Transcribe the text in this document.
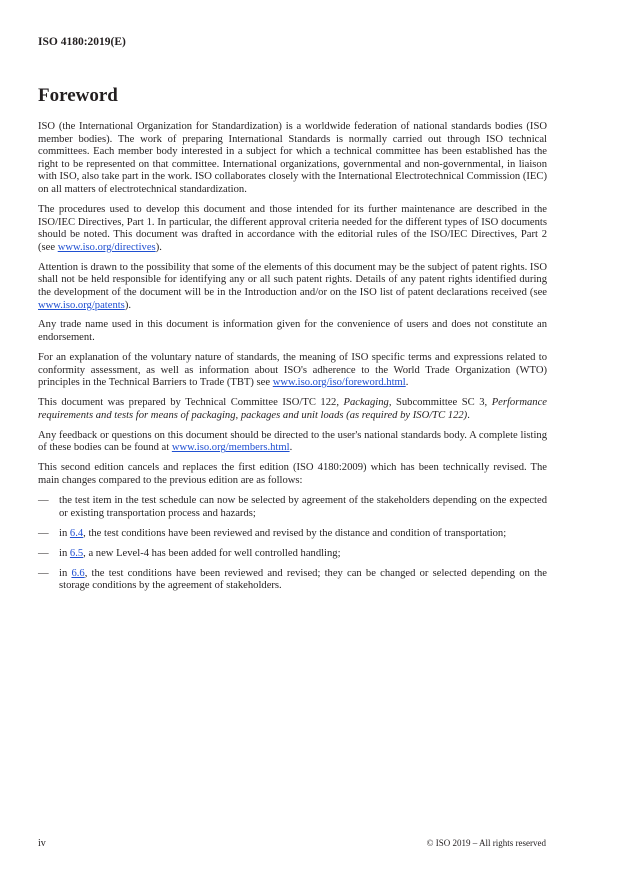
ISO 4180:2019(E)
Foreword

ISO (the International Organization for Standardization) is a worldwide federation of national standards bodies (ISO member bodies). The work of preparing International Standards is normally carried out through ISO technical committees. Each member body interested in a subject for which a technical committee has been established has the right to be represented on that committee. International organizations, governmental and non-governmental, in liaison with ISO, also take part in the work. ISO collaborates closely with the International Electrotechnical Commission (IEC) on all matters of electrotechnical standardization.

The procedures used to develop this document and those intended for its further maintenance are described in the ISO/IEC Directives, Part 1. In particular, the different approval criteria needed for the different types of ISO documents should be noted. This document was drafted in accordance with the editorial rules of the ISO/IEC Directives, Part 2 (see www.iso.org/directives).

Attention is drawn to the possibility that some of the elements of this document may be the subject of patent rights. ISO shall not be held responsible for identifying any or all such patent rights. Details of any patent rights identified during the development of the document will be in the Introduction and/or on the ISO list of patent declarations received (see www.iso.org/patents).

Any trade name used in this document is information given for the convenience of users and does not constitute an endorsement.

For an explanation of the voluntary nature of standards, the meaning of ISO specific terms and expressions related to conformity assessment, as well as information about ISO's adherence to the World Trade Organization (WTO) principles in the Technical Barriers to Trade (TBT) see www.iso.org/iso/foreword.html.

This document was prepared by Technical Committee ISO/TC 122, Packaging, Subcommittee SC 3, Performance requirements and tests for means of packaging, packages and unit loads (as required by ISO/TC 122).

Any feedback or questions on this document should be directed to the user's national standards body. A complete listing of these bodies can be found at www.iso.org/members.html.

This second edition cancels and replaces the first edition (ISO 4180:2009) which has been technically revised. The main changes compared to the previous edition are as follows:

— the test item in the test schedule can now be selected by agreement of the stakeholders depending on the expected or existing transportation process and hazards;
— in 6.4, the test conditions have been reviewed and revised by the distance and condition of transportation;
— in 6.5, a new Level-4 has been added for well controlled handling;
— in 6.6, the test conditions have been reviewed and revised; they can be changed or selected depending on the storage conditions by the agreement of stakeholders.
iv	© ISO 2019 – All rights reserved
